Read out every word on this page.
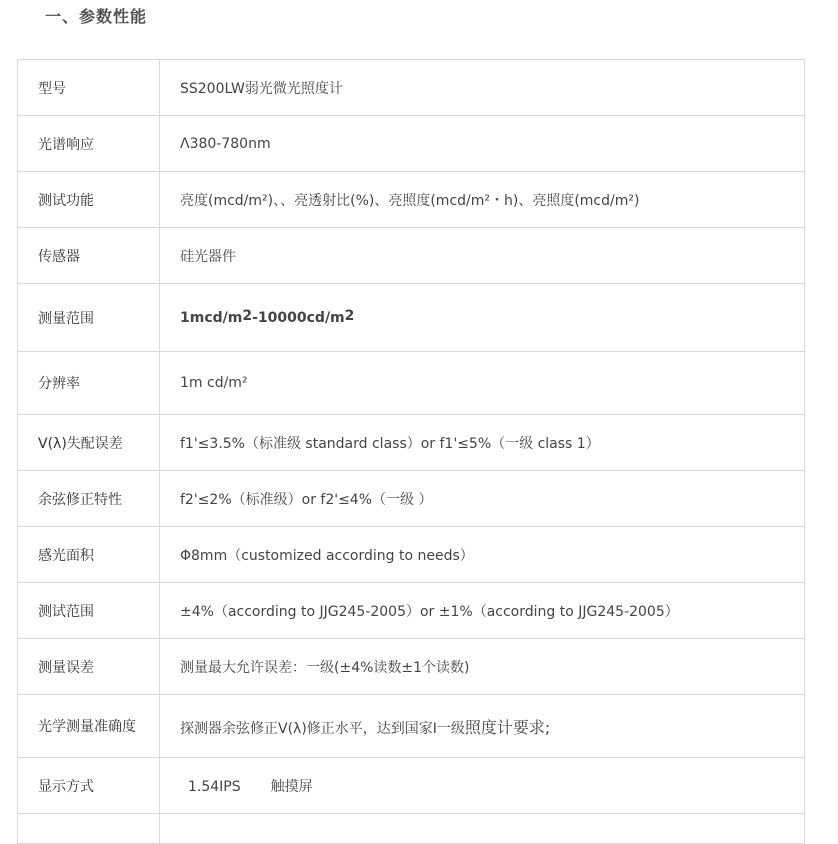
一、参数性能
型号	SS200LW弱光微光照度计
光谱响应	Λ380-780nm
测试功能	亮度(mcd/m²)、、亮透射比(%)、亮照度(mcd/m²・h)、亮照度(mcd/m²)
传感器	硅光器件
测量范围	$1mcd/m^2-10000cd/m^2$
分辨率	1m cd/m²
V(λ)失配误差	f1'≤3.5%（标准级 standard class）or f1'≤5%（一级 class 1）
余弦修正特性	f2'≤2%（标准级）or f2'≤4%（一级 ）
感光面积	Φ8mm（customized according to needs）
测试范围	±4%（according to JJG245-2005）or ±1%（according to JJG245-2005）
测量误差	测量最大允许误差：一级(±4%读数±1个读数)
光学测量准确度	探测器余弦修正V(λ)修正水平，达到国家I一级照度计要求;
显示方式	1.54IPS 触摸屏
